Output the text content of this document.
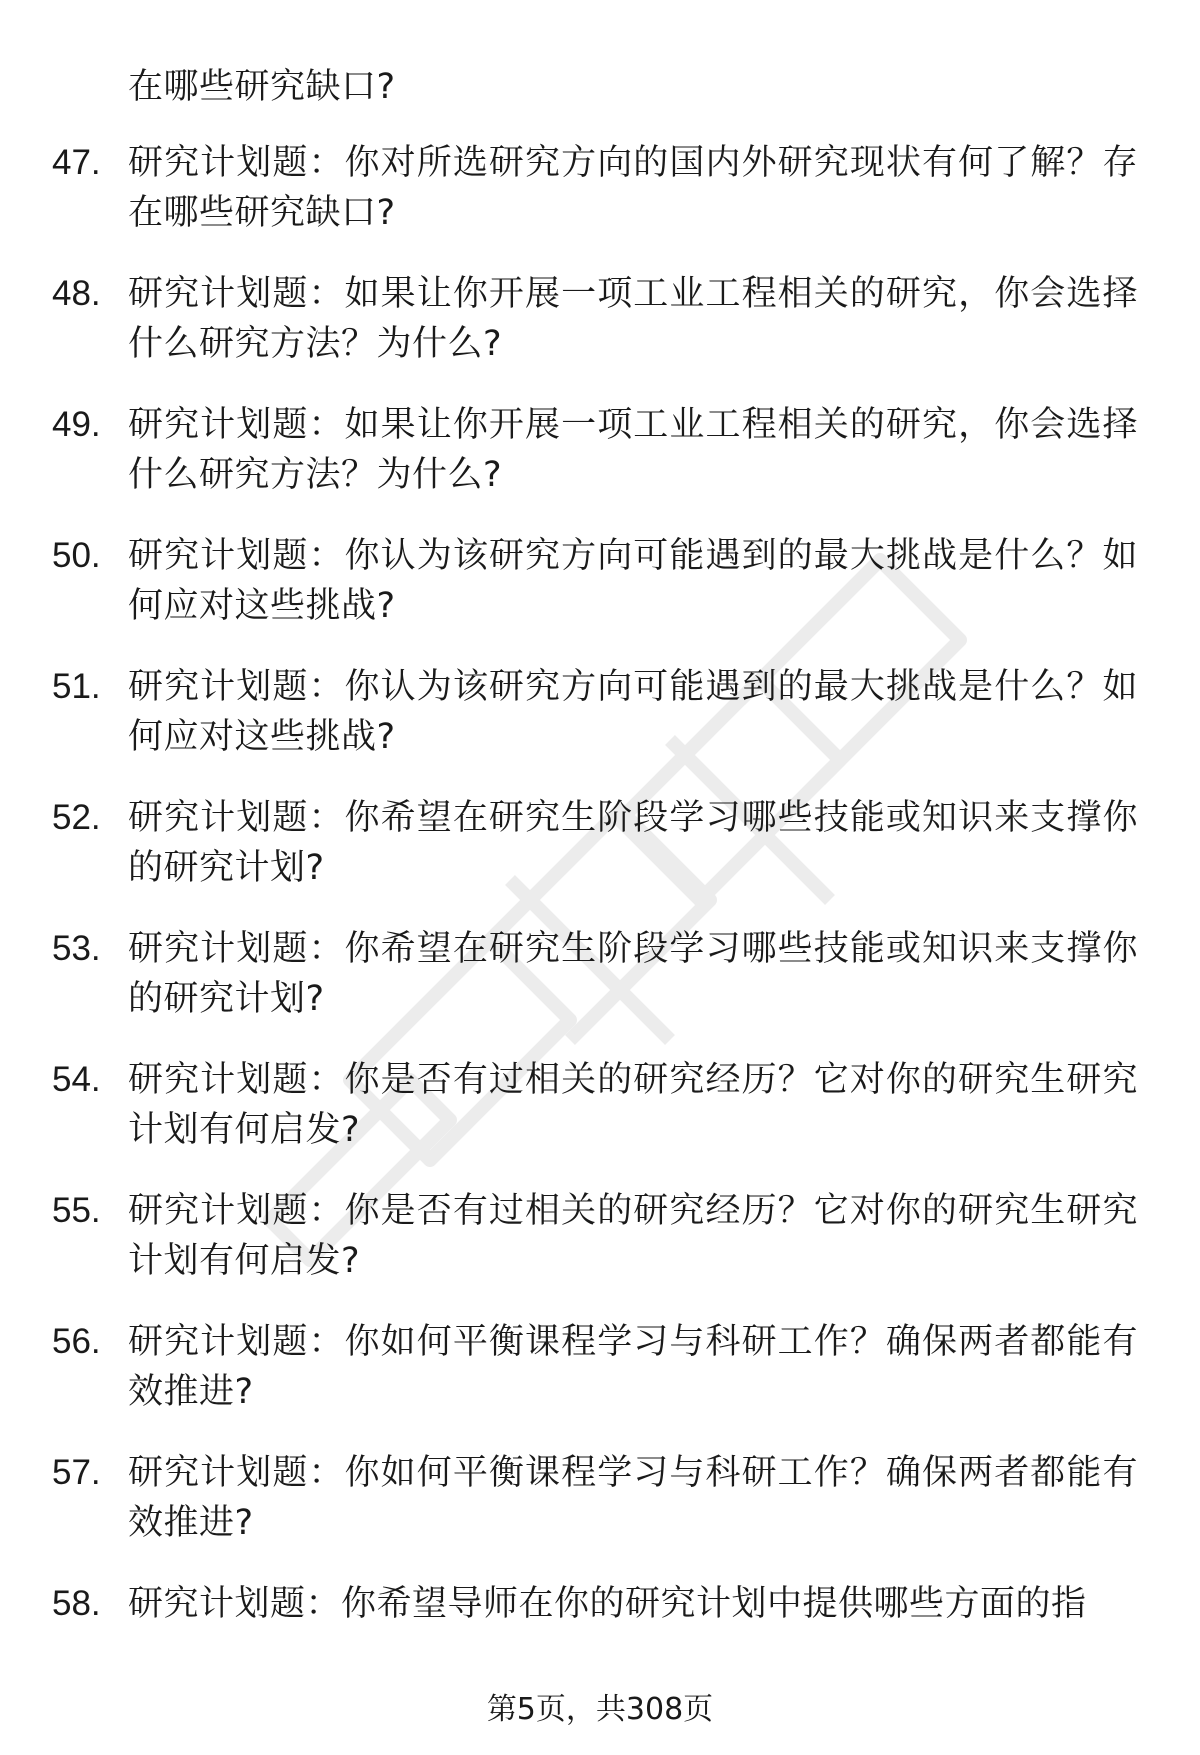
在哪些研究缺口?
47. 研究计划题：你对所选研究方向的国内外研究现状有何了解？存在哪些研究缺口?
48. 研究计划题：如果让你开展一项工业工程相关的研究，你会选择什么研究方法？为什么?
49. 研究计划题：如果让你开展一项工业工程相关的研究，你会选择什么研究方法？为什么?
50. 研究计划题：你认为该研究方向可能遇到的最大挑战是什么？如何应对这些挑战?
51. 研究计划题：你认为该研究方向可能遇到的最大挑战是什么？如何应对这些挑战?
52. 研究计划题：你希望在研究生阶段学习哪些技能或知识来支撑你的研究计划?
53. 研究计划题：你希望在研究生阶段学习哪些技能或知识来支撑你的研究计划?
54. 研究计划题：你是否有过相关的研究经历？它对你的研究生研究计划有何启发?
55. 研究计划题：你是否有过相关的研究经历？它对你的研究生研究计划有何启发?
56. 研究计划题：你如何平衡课程学习与科研工作？确保两者都能有效推进?
57. 研究计划题：你如何平衡课程学习与科研工作？确保两者都能有效推进?
58. 研究计划题：你希望导师在你的研究计划中提供哪些方面的指
第5页，共308页
